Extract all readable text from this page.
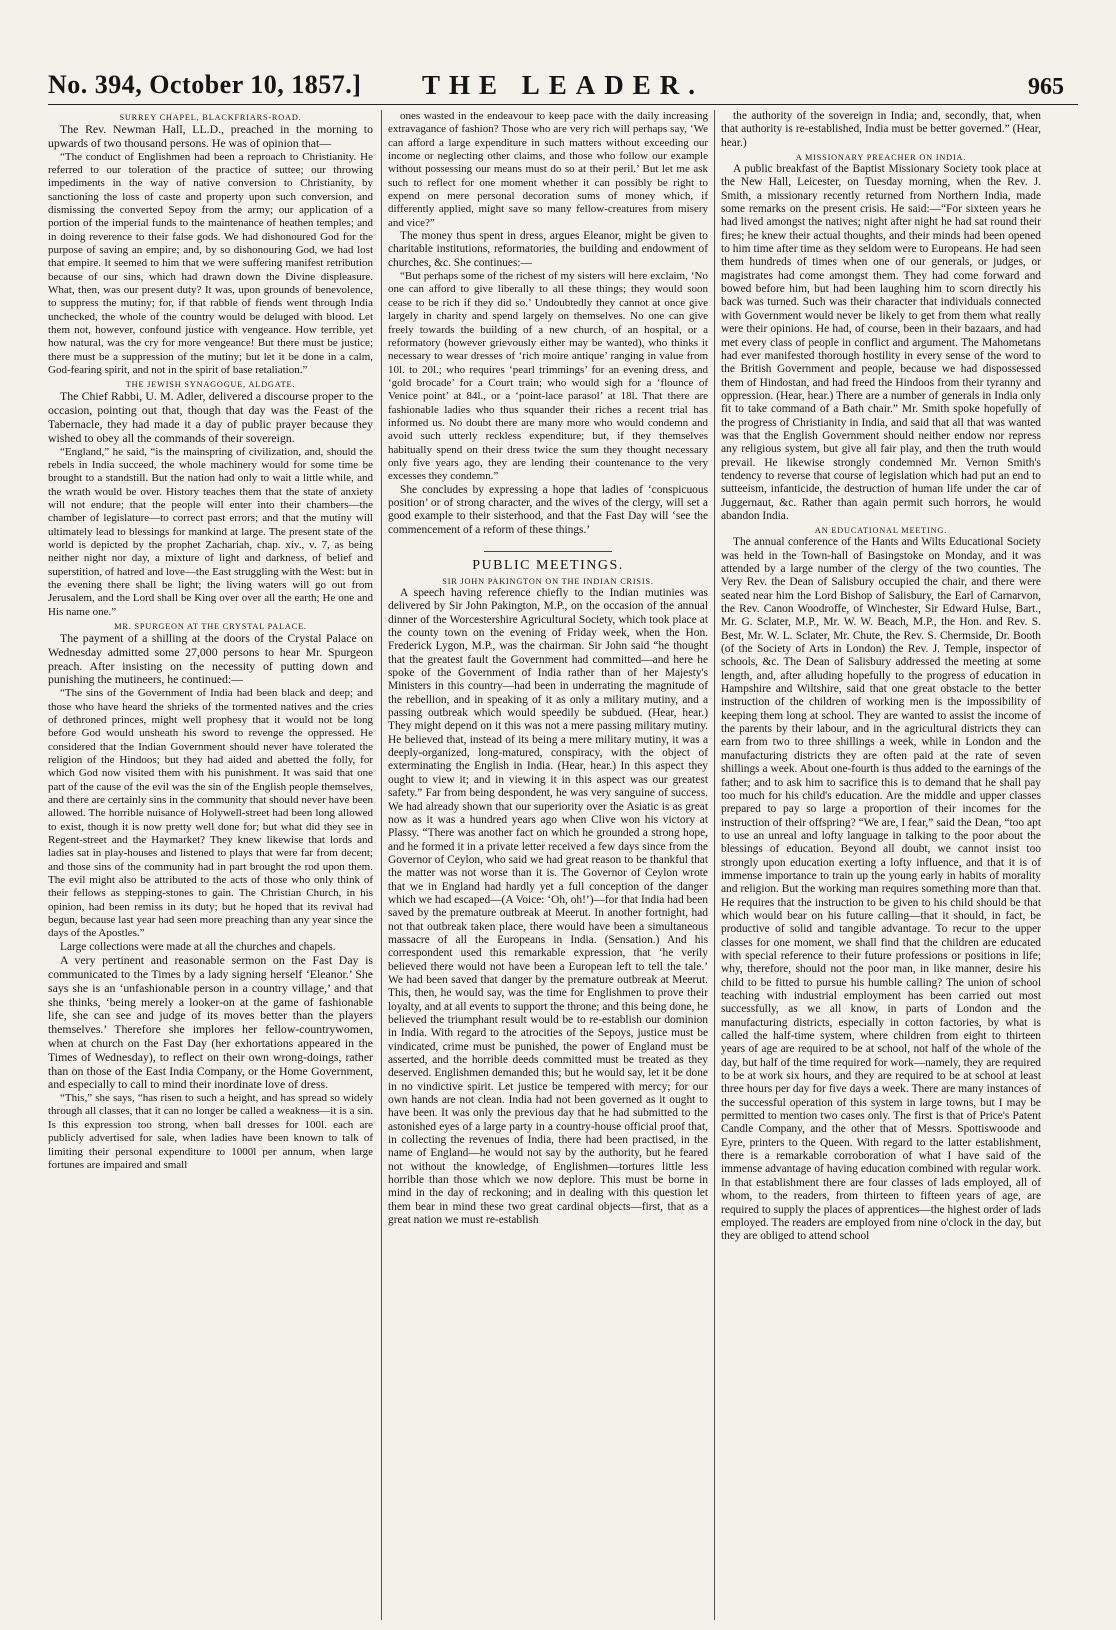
No. 394, October 10, 1857.]	THE LEADER.	965
SURREY CHAPEL, BLACKFRIARS-ROAD.

The Rev. Newman Hall, LL.D., preached in the morning to upwards of two thousand persons. He was of opinion that—

“The conduct of Englishmen had been a reproach to Christianity. He referred to our toleration of the practice of suttee; our throwing impediments in the way of native conversion to Christianity, by sanctioning the loss of caste and property upon such conversion, and dismissing the converted Sepoy from the army; our application of a portion of the imperial funds to the maintenance of heathen temples; and in doing reverence to their false gods. We had dishonoured God for the purpose of saving an empire; and, by so dishonouring God, we had lost that empire. It seemed to him that we were suffering manifest retribution because of our sins, which had drawn down the Divine displeasure. What, then, was our present duty? It was, upon grounds of benevolence, to suppress the mutiny; for, if that rabble of fiends went through India unchecked, the whole of the country would be deluged with blood. Let them not, however, confound justice with vengeance. How terrible, yet how natural, was the cry for more vengeance! But there must be justice; there must be a suppression of the mutiny; but let it be done in a calm, God-fearing spirit, and not in the spirit of base retaliation.”

THE JEWISH SYNAGOGUE, ALDGATE.

The Chief Rabbi, U. M. Adler, delivered a discourse proper to the occasion, pointing out that, though that day was the Feast of the Tabernacle, they had made it a day of public prayer because they wished to obey all the commands of their sovereign.

“England,” he said, “is the mainspring of civilization, and, should the rebels in India succeed, the whole machinery would for some time be brought to a standstill. But the nation had only to wait a little while, and the wrath would be over. History teaches them that the state of anxiety will not endure; that the people will enter into their chambers—the chamber of legislature—to correct past errors; and that the mutiny will ultimately lead to blessings for mankind at large. The present state of the world is depicted by the prophet Zachariah, chap. xiv., v. 7, as being neither night nor day, a mixture of light and darkness, of belief and superstition, of hatred and love—the East struggling with the West: but in the evening there shall be light; the living waters will go out from Jerusalem, and the Lord shall be King over over all the earth; He one and His name one.”

MR. SPURGEON AT THE CRYSTAL PALACE.

The payment of a shilling at the doors of the Crystal Palace on Wednesday admitted some 27,000 persons to hear Mr. Spurgeon preach. After insisting on the necessity of putting down and punishing the mutineers, he continued:—

“The sins of the Government of India had been black and deep; and those who have heard the shrieks of the tormented natives and the cries of dethroned princes, might well prophesy that it would not be long before God would unsheath his sword to revenge the oppressed. He considered that the Indian Government should never have tolerated the religion of the Hindoos; but they had aided and abetted the folly, for which God now visited them with his punishment. It was said that one part of the cause of the evil was the sin of the English people themselves, and there are certainly sins in the community that should never have been allowed. The horrible nuisance of Holywell-street had been long allowed to exist, though it is now pretty well done for; but what did they see in Regent-street and the Haymarket? They knew likewise that lords and ladies sat in play-houses and listened to plays that were far from decent; and those sins of the community had in part brought the rod upon them. The evil might also be attributed to the acts of those who only think of their fellows as stepping-stones to gain. The Christian Church, in his opinion, had been remiss in its duty; but he hoped that its revival had begun, because last year had seen more preaching than any year since the days of the Apostles.”

Large collections were made at all the churches and chapels.

A very pertinent and reasonable sermon on the Fast Day is communicated to the Times by a lady signing herself ‘Eleanor.’ She says she is an ‘unfashionable person in a country village,’ and that she thinks, ‘being merely a looker-on at the game of fashionable life, she can see and judge of its moves better than the players themselves.’ Therefore she implores her fellow-countrywomen, when at church on the Fast Day (her exhortations appeared in the Times of Wednesday), to reflect on their own wrong-doings, rather than on those of the East India Company, or the Home Government, and especially to call to mind their inordinate love of dress.

“This,” she says, “has risen to such a height, and has spread so widely through all classes, that it can no longer be called a weakness—it is a sin. Is this expression too strong, when ball dresses for 100l. each are publicly advertised for sale, when ladies have been known to talk of limiting their personal expenditure to 1000l per annum, when large fortunes are impaired and small

ones wasted in the endeavour to keep pace with the daily increasing extravagance of fashion? Those who are very rich will perhaps say, ‘We can afford a large expenditure in such matters without exceeding our income or neglecting other claims, and those who follow our example without possessing our means must do so at their peril.’ But let me ask such to reflect for one moment whether it can possibly be right to expend on mere personal decoration sums of money which, if differently applied, might save so many fellow-creatures from misery and vice?”

The money thus spent in dress, argues Eleanor, might be given to charitable institutions, reformatories, the building and endowment of churches, &c. She continues:—

“But perhaps some of the richest of my sisters will here exclaim, ‘No one can afford to give liberally to all these things; they would soon cease to be rich if they did so.’ Undoubtedly they cannot at once give largely in charity and spend largely on themselves. No one can give freely towards the building of a new church, of an hospital, or a reformatory (however grievously either may be wanted), who thinks it necessary to wear dresses of ‘rich moire antique’ ranging in value from 10l. to 20l.; who requires ‘pearl trimmings’ for an evening dress, and ‘gold brocade’ for a Court train; who would sigh for a ‘flounce of Venice point’ at 84l., or a ‘point-lace parasol’ at 18l. That there are fashionable ladies who thus squander their riches a recent trial has informed us. No doubt there are many more who would condemn and avoid such utterly reckless expenditure; but, if they themselves habitually spend on their dress twice the sum they thought necessary only five years ago, they are lending their countenance to the very excesses they condemn.”

She concludes by expressing a hope that ladies of ‘conspicuous position’ or of strong character, and the wives of the clergy, will set a good example to their sisterhood, and that the Fast Day will ‘see the commencement of a reform of these things.’

PUBLIC MEETINGS.
SIR JOHN PAKINGTON ON THE INDIAN CRISIS.

A speech having reference chiefly to the Indian mutinies was delivered by Sir John Pakington, M.P., on the occasion of the annual dinner of the Worcestershire Agricultural Society, which took place at the county town on the evening of Friday week, when the Hon. Frederick Lygon, M.P., was the chairman. Sir John said “he thought that the greatest fault the Government had committed—and here he spoke of the Government of India rather than of her Majesty's Ministers in this country—had been in underrating the magnitude of the rebellion, and in speaking of it as only a military mutiny, and a passing outbreak which would speedily be subdued. (Hear, hear.) They might depend on it this was not a mere passing military mutiny. He believed that, instead of its being a mere military mutiny, it was a deeply-organized, long-matured, conspiracy, with the object of exterminating the English in India. (Hear, hear.) In this aspect they ought to view it; and in viewing it in this aspect was our greatest safety.” Far from being despondent, he was very sanguine of success. We had already shown that our superiority over the Asiatic is as great now as it was a hundred years ago when Clive won his victory at Plassy. “There was another fact on which he grounded a strong hope, and he formed it in a private letter received a few days since from the Governor of Ceylon, who said we had great reason to be thankful that the matter was not worse than it is. The Governor of Ceylon wrote that we in England had hardly yet a full conception of the danger which we had escaped—(A Voice: ‘Oh, oh!’)—for that India had been saved by the premature outbreak at Meerut. In another fortnight, had not that outbreak taken place, there would have been a simultaneous massacre of all the Europeans in India. (Sensation.) And his correspondent used this remarkable expression, that ‘he verily believed there would not have been a European left to tell the tale.’ We had been saved that danger by the premature outbreak at Meerut. This, then, he would say, was the time for Englishmen to prove their loyalty, and at all events to support the throne; and this being done, he believed the triumphant result would be to re-establish our dominion in India. With regard to the atrocities of the Sepoys, justice must be vindicated, crime must be punished, the power of England must be asserted, and the horrible deeds committed must be treated as they deserved. Englishmen demanded this; but he would say, let it be done in no vindictive spirit. Let justice be tempered with mercy; for our own hands are not clean. India had not been governed as it ought to have been. It was only the previous day that he had submitted to the astonished eyes of a large party in a country-house official proof that, in collecting the revenues of India, there had been practised, in the name of England—he would not say by the authority, but he feared not without the knowledge, of Englishmen—tortures little less horrible than those which we now deplore. This must be borne in mind in the day of reckoning; and in dealing with this question let them bear in mind these two great cardinal objects—first, that as a great nation we must re-establish

the authority of the sovereign in India; and, secondly, that, when that authority is re-established, India must be better governed.” (Hear, hear.)

A MISSIONARY PREACHER ON INDIA.

A public breakfast of the Baptist Missionary Society took place at the New Hall, Leicester, on Tuesday morning, when the Rev. J. Smith, a missionary recently returned from Northern India, made some remarks on the present crisis. He said:—“For sixteen years he had lived amongst the natives; night after night he had sat round their fires; he knew their actual thoughts, and their minds had been opened to him time after time as they seldom were to Europeans. He had seen them hundreds of times when one of our generals, or judges, or magistrates had come amongst them. They had come forward and bowed before him, but had been laughing him to scorn directly his back was turned. Such was their character that individuals connected with Government would never be likely to get from them what really were their opinions. He had, of course, been in their bazaars, and had met every class of people in conflict and argument. The Mahometans had ever manifested thorough hostility in every sense of the word to the British Government and people, because we had dispossessed them of Hindostan, and had freed the Hindoos from their tyranny and oppression. (Hear, hear.) There are a number of generals in India only fit to take command of a Bath chair.” Mr. Smith spoke hopefully of the progress of Christianity in India, and said that all that was wanted was that the English Government should neither endow nor repress any religious system, but give all fair play, and then the truth would prevail. He likewise strongly condemned Mr. Vernon Smith's tendency to reverse that course of legislation which had put an end to sutteeism, infanticide, the destruction of human life under the car of Juggernaut, &c. Rather than again permit such horrors, he would abandon India.

AN EDUCATIONAL MEETING.

The annual conference of the Hants and Wilts Educational Society was held in the Town-hall of Basingstoke on Monday, and it was attended by a large number of the clergy of the two counties. The Very Rev. the Dean of Salisbury occupied the chair, and there were seated near him the Lord Bishop of Salisbury, the Earl of Carnarvon, the Rev. Canon Woodroffe, of Winchester, Sir Edward Hulse, Bart., Mr. G. Sclater, M.P., Mr. W. W. Beach, M.P., the Hon. and Rev. S. Best, Mr. W. L. Sclater, Mr. Chute, the Rev. S. Chermside, Dr. Booth (of the Society of Arts in London) the Rev. J. Temple, inspector of schools, &c. The Dean of Salisbury addressed the meeting at some length, and, after alluding hopefully to the progress of education in Hampshire and Wiltshire, said that one great obstacle to the better instruction of the children of working men is the impossibility of keeping them long at school. They are wanted to assist the income of the parents by their labour, and in the agricultural districts they can earn from two to three shillings a week, while in London and the manufacturing districts they are often paid at the rate of seven shillings a week. About one-fourth is thus added to the earnings of the father; and to ask him to sacrifice this is to demand that he shall pay too much for his child's education. Are the middle and upper classes prepared to pay so large a proportion of their incomes for the instruction of their offspring? “We are, I fear,” said the Dean, “too apt to use an unreal and lofty language in talking to the poor about the blessings of education. Beyond all doubt, we cannot insist too strongly upon education exerting a lofty influence, and that it is of immense importance to train up the young early in habits of morality and religion. But the working man requires something more than that. He requires that the instruction to be given to his child should be that which would bear on his future calling—that it should, in fact, be productive of solid and tangible advantage. To recur to the upper classes for one moment, we shall find that the children are educated with special reference to their future professions or positions in life; why, therefore, should not the poor man, in like manner, desire his child to be fitted to pursue his humble calling? The union of school teaching with industrial employment has been carried out most successfully, as we all know, in parts of London and the manufacturing districts, especially in cotton factories, by what is called the half-time system, where children from eight to thirteen years of age are required to be at school, not half of the whole of the day, but half of the time required for work—namely, they are required to be at work six hours, and they are required to be at school at least three hours per day for five days a week. There are many instances of the successful operation of this system in large towns, but I may be permitted to mention two cases only. The first is that of Price's Patent Candle Company, and the other that of Messrs. Spottiswoode and Eyre, printers to the Queen. With regard to the latter establishment, there is a remarkable corroboration of what I have said of the immense advantage of having education combined with regular work. In that establishment there are four classes of lads employed, all of whom, to the readers, from thirteen to fifteen years of age, are required to supply the places of apprentices—the highest order of lads employed. The readers are employed from nine o'clock in the day, but they are obliged to attend school
